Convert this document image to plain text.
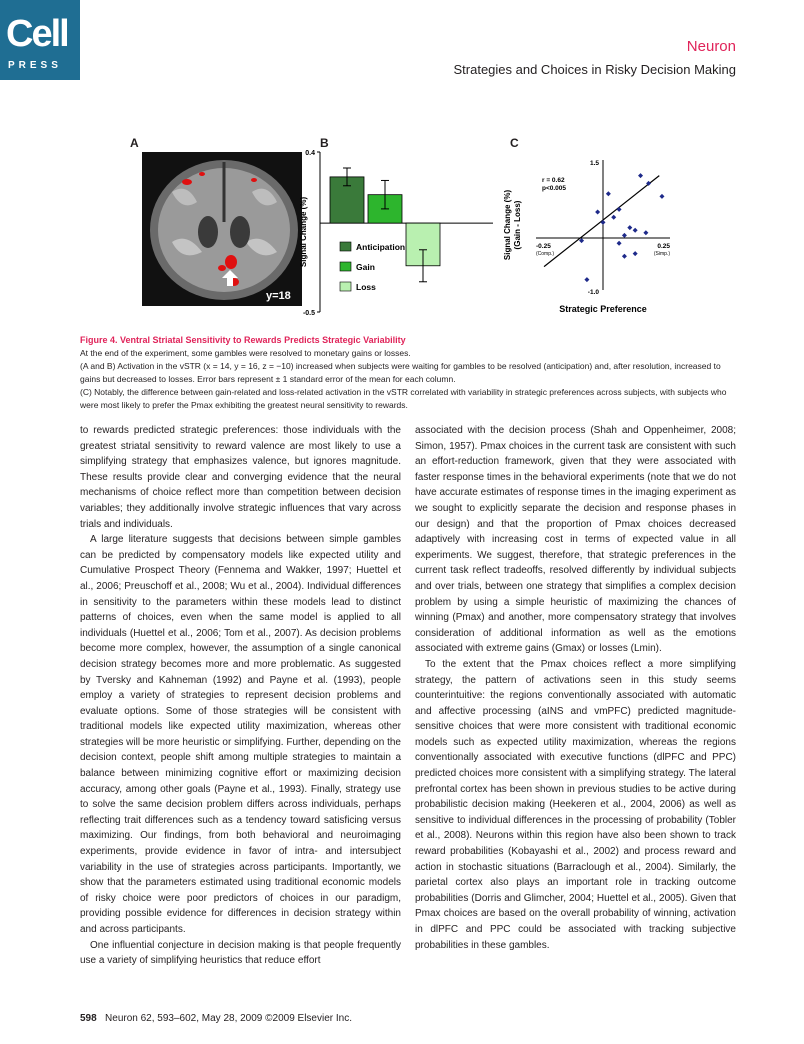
Cell
PRESS
Neuron
Strategies and Choices in Risky Decision Making
A
y=18
B
0.4
-0.5
Signal Change (%)	Anticipation
Gain
Loss
C
1.5
-1.0
-0.25
(Comp.)
0.25
(Simp.)
r = 0.62
p<0.005
Signal Change (%) (Gain - Loss)
Strategic Preference
Figure 4. Ventral Striatal Sensitivity to Rewards Predicts Strategic Variability
At the end of the experiment, some gambles were resolved to monetary gains or losses.
(A and B) Activation in the vSTR (x = 14, y = 16, z = −10) increased when subjects were waiting for gambles to be resolved (anticipation) and, after resolution, increased to gains but decreased to losses. Error bars represent ± 1 standard error of the mean for each column.
(C) Notably, the difference between gain-related and loss-related activation in the vSTR correlated with variability in strategic preferences across subjects, with subjects who were most likely to prefer the Pmax exhibiting the greatest neural sensitivity to rewards.

to rewards predicted strategic preferences: those individuals with the greatest striatal sensitivity to reward valence are most likely to use a simplifying strategy that emphasizes valence, but ignores magnitude. These results provide clear and converging evidence that the neural mechanisms of choice reflect more than competition between decision variables; they additionally involve strategic influences that vary across trials and individuals.

A large literature suggests that decisions between simple gambles can be predicted by compensatory models like expected utility and Cumulative Prospect Theory (Fennema and Wakker, 1997; Huettel et al., 2006; Preuschoff et al., 2008; Wu et al., 2004). Individual differences in sensitivity to the parameters within these models lead to distinct patterns of choices, even when the same model is applied to all individuals (Huettel et al., 2006; Tom et al., 2007). As decision problems become more complex, however, the assumption of a single canonical decision strategy becomes more and more problematic. As suggested by Tversky and Kahneman (1992) and Payne et al. (1993), people employ a variety of strategies to represent decision problems and evaluate options. Some of those strategies will be consistent with traditional models like expected utility maximization, whereas other strategies will be more heuristic or simplifying. Further, depending on the decision context, people shift among multiple strategies to maintain a balance between minimizing cognitive effort or maximizing decision accuracy, among other goals (Payne et al., 1993). Finally, strategy use to solve the same decision problem differs across individuals, perhaps reflecting trait differences such as a tendency toward satisficing versus maximizing. Our findings, from both behavioral and neuroimaging experiments, provide evidence in favor of intra- and intersubject variability in the use of strategies across participants. Importantly, we show that the parameters estimated using traditional economic models of risky choice were poor predictors of choices in our paradigm, providing possible evidence for differences in decision strategy within and across participants.

One influential conjecture in decision making is that people frequently use a variety of simplifying heuristics that reduce effort

associated with the decision process (Shah and Oppenheimer, 2008; Simon, 1957). Pmax choices in the current task are consistent with such an effort-reduction framework, given that they were associated with faster response times in the behavioral experiments (note that we do not have accurate estimates of response times in the imaging experiment as we sought to explicitly separate the decision and response phases in our design) and that the proportion of Pmax choices decreased adaptively with increasing cost in terms of expected value in all experiments. We suggest, therefore, that strategic preferences in the current task reflect tradeoffs, resolved differently by individual subjects and over trials, between one strategy that simplifies a complex decision problem by using a simple heuristic of maximizing the chances of winning (Pmax) and another, more compensatory strategy that involves consideration of additional information as well as the emotions associated with extreme gains (Gmax) or losses (Lmin).

To the extent that the Pmax choices reflect a more simplifying strategy, the pattern of activations seen in this study seems counterintuitive: the regions conventionally associated with automatic and affective processing (aINS and vmPFC) predicted magnitude-sensitive choices that were more consistent with traditional economic models such as expected utility maximization, whereas the regions conventionally associated with executive functions (dlPFC and PPC) predicted choices more consistent with a simplifying strategy. The lateral prefrontal cortex has been shown in previous studies to be active during probabilistic decision making (Heekeren et al., 2004, 2006) as well as sensitive to individual differences in the processing of probability (Tobler et al., 2008). Neurons within this region have also been shown to track reward probabilities (Kobayashi et al., 2002) and process reward and action in stochastic situations (Barraclough et al., 2004). Similarly, the parietal cortex also plays an important role in tracking outcome probabilities (Dorris and Glimcher, 2004; Huettel et al., 2005). Given that Pmax choices are based on the overall probability of winning, activation in dlPFC and PPC could be associated with tracking subjective probabilities in these gambles.

598 Neuron 62, 593–602, May 28, 2009 ©2009 Elsevier Inc.
